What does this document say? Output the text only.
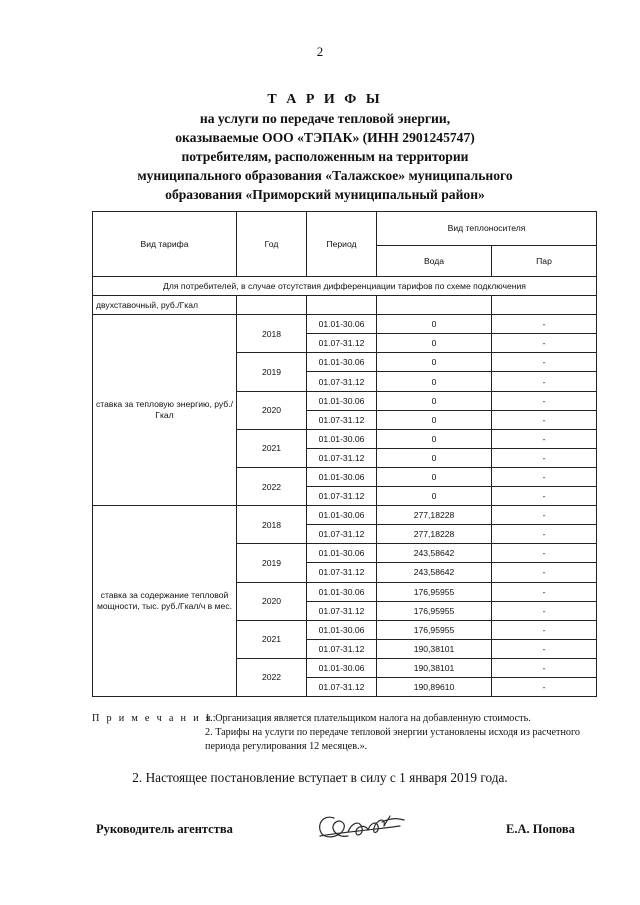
2
Т А Р И Ф Ы
на услуги по передаче тепловой энергии,
оказываемые ООО «ТЭПАК» (ИНН 2901245747)
потребителям, расположенным на территории
муниципального образования «Талажское» муниципального
образования «Приморский муниципальный район»
Вид тарифа	Год	Период	Вид теплоносителя	
			Вода	Пар
Для потребителей, в случае отсутствия дифференциации тарифов по схеме подключения				
двухставочный, руб./Гкал				
ставка за тепловую энергию, руб./Гкал	2018	01.01-30.06	0	-
		01.07-31.12	0	-
	2019	01.01-30.06	0	-
		01.07-31.12	0	-
	2020	01.01-30.06	0	-
		01.07-31.12	0	-
	2021	01.01-30.06	0	-
		01.07-31.12	0	-
	2022	01.01-30.06	0	-
		01.07-31.12	0	-
ставка за содержание тепловой мощности, тыс. руб./Гкал/ч в мес.	2018	01.01-30.06	277,18228	-
		01.07-31.12	277,18228	-
	2019	01.01-30.06	243,58642	-
		01.07-31.12	243,58642	-
	2020	01.01-30.06	176,95955	-
		01.07-31.12	176,95955	-
	2021	01.01-30.06	176,95955	-
		01.07-31.12	190,38101	-
	2022	01.01-30.06	190,38101	-
		01.07-31.12	190,89610	-
П р и м е ч а н и я:
1. Организация является плательщиком налога на добавленную стоимость.
2. Тарифы на услуги по передаче тепловой энергии установлены исходя из расчетного периода регулирования 12 месяцев.».
2. Настоящее постановление вступает в силу с 1 января 2019 года.
Руководитель агентства	Е.А. Попова
